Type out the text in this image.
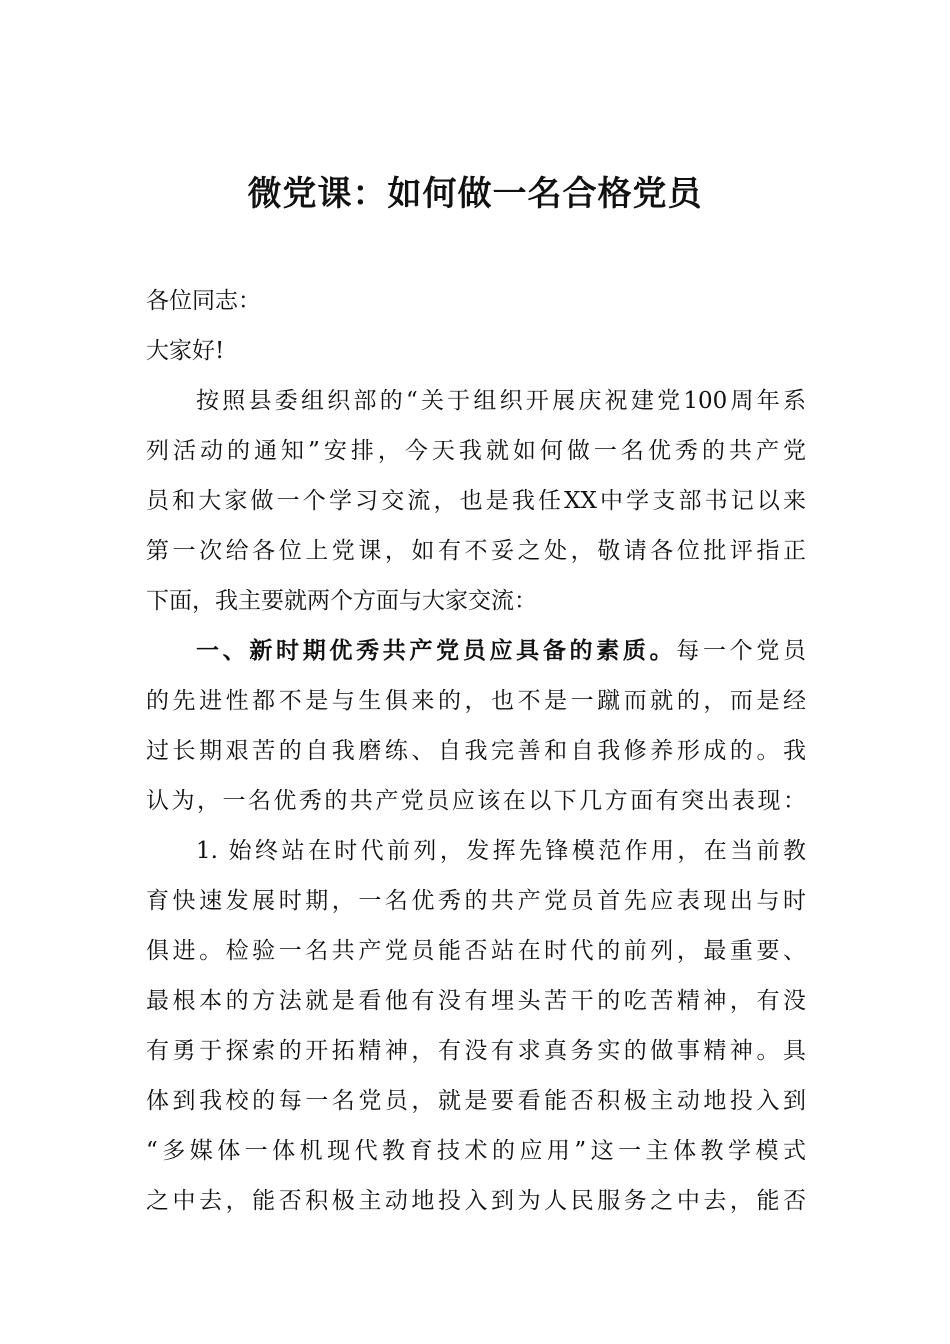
微党课：如何做一名合格党员
各位同志：
大家好!
按照县委组织部的“关于组织开展庆祝建党100周年系
列活动的通知”安排，今天我就如何做一名优秀的共产党
员和大家做一个学习交流，也是我任XX中学支部书记以来
第一次给各位上党课，如有不妥之处，敬请各位批评指正
下面，我主要就两个方面与大家交流：
一、新时期优秀共产党员应具备的素质。每一个党员
的先进性都不是与生俱来的，也不是一蹴而就的，而是经
过长期艰苦的自我磨练、自我完善和自我修养形成的。我
认为，一名优秀的共产党员应该在以下几方面有突出表现：
1. 始终站在时代前列，发挥先锋模范作用，在当前教
育快速发展时期，一名优秀的共产党员首先应表现出与时
俱进。检验一名共产党员能否站在时代的前列，最重要、
最根本的方法就是看他有没有埋头苦干的吃苦精神，有没
有勇于探索的开拓精神，有没有求真务实的做事精神。具
体到我校的每一名党员，就是要看能否积极主动地投入到
“多媒体一体机现代教育技术的应用”这一主体教学模式
之中去，能否积极主动地投入到为人民服务之中去，能否
